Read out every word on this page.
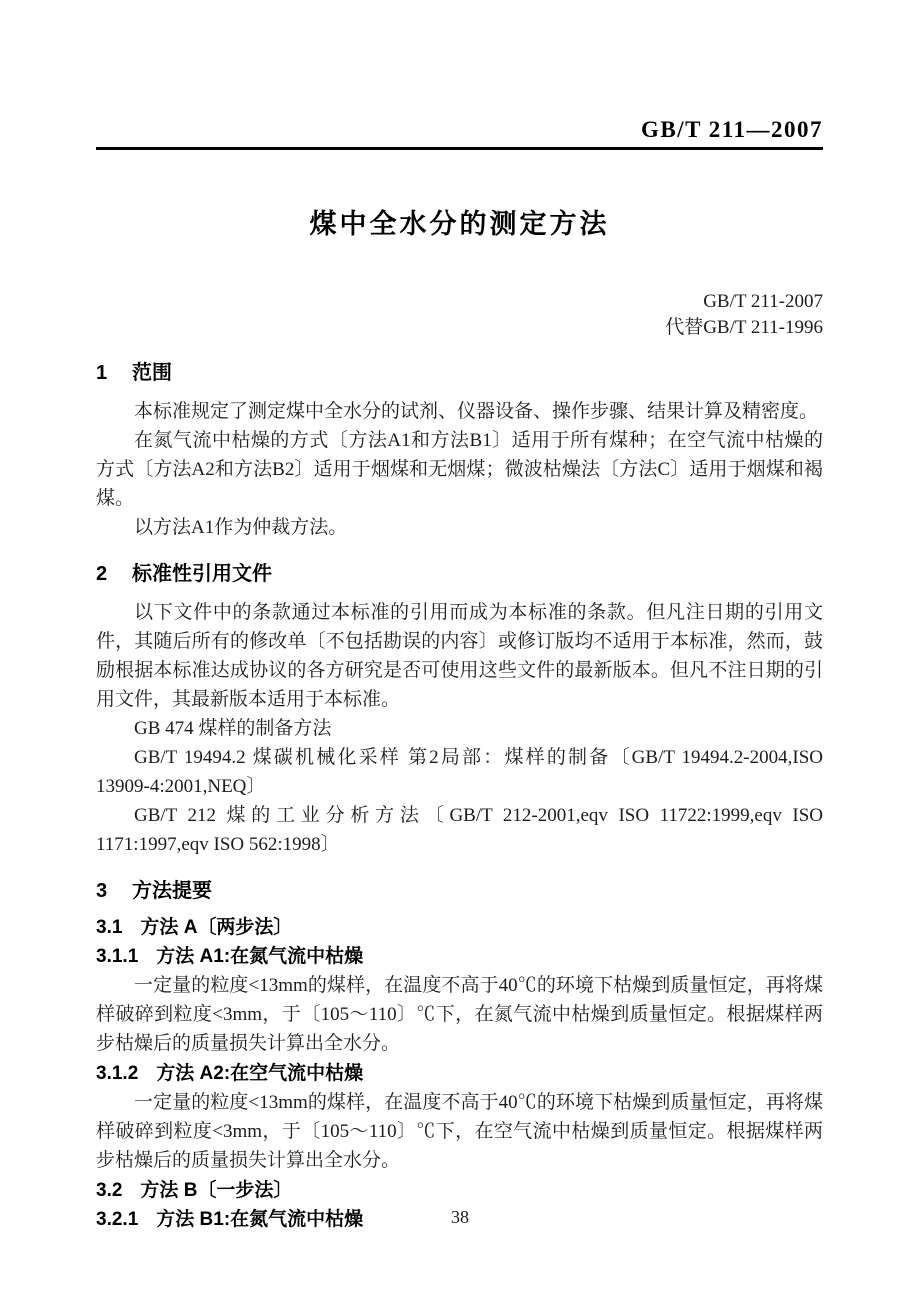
GB/T 211—2007
煤中全水分的测定方法
GB/T 211-2007
代替GB/T 211-1996
1 范围

本标准规定了测定煤中全水分的试剂、仪器设备、操作步骤、结果计算及精密度。

在氮气流中枯燥的方式〔方法A1和方法B1〕适用于所有煤种；在空气流中枯燥的方式〔方法A2和方法B2〕适用于烟煤和无烟煤；微波枯燥法〔方法C〕适用于烟煤和褐煤。

以方法A1作为仲裁方法。

2 标准性引用文件

以下文件中的条款通过本标准的引用而成为本标准的条款。但凡注日期的引用文件，其随后所有的修改单〔不包括勘误的内容〕或修订版均不适用于本标准，然而，鼓励根据本标准达成协议的各方研究是否可使用这些文件的最新版本。但凡不注日期的引用文件，其最新版本适用于本标准。

GB 474 煤样的制备方法

GB/T 19494.2 煤碳机械化采样 第2局部：煤样的制备〔GB/T 19494.2-2004,ISO 13909-4:2001,NEQ〕

GB/T 212 煤的工业分析方法〔GB/T 212-2001,eqv ISO 11722:1999,eqv ISO 1171:1997,eqv ISO 562:1998〕

3 方法提要
3.1 方法 A〔两步法〕
3.1.1 方法 A1:在氮气流中枯燥

一定量的粒度<13mm的煤样，在温度不高于40℃的环境下枯燥到质量恒定，再将煤样破碎到粒度<3mm，于〔105～110〕℃下，在氮气流中枯燥到质量恒定。根据煤样两步枯燥后的质量损失计算出全水分。

3.1.2 方法 A2:在空气流中枯燥

一定量的粒度<13mm的煤样，在温度不高于40℃的环境下枯燥到质量恒定，再将煤样破碎到粒度<3mm，于〔105～110〕℃下，在空气流中枯燥到质量恒定。根据煤样两步枯燥后的质量损失计算出全水分。

3.2 方法 B〔一步法〕
3.2.1 方法 B1:在氮气流中枯燥	38
